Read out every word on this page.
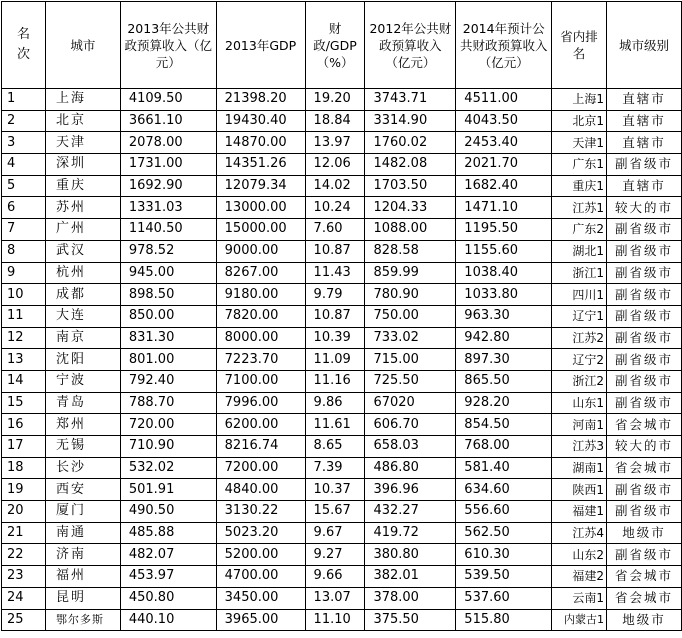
名次	城市	2013年公共财政预算收入（亿元）	2013年GDP	财政/GDP（%）	2012年公共财政预算收入（亿元）	2014年预计公共财政预算收入（亿元）	省内排名	城市级别
1	上海	4109.50	21398.20	19.20	3743.71	4511.00	上海1	直辖市
2	北京	3661.10	19430.40	18.84	3314.90	4043.50	北京1	直辖市
3	天津	2078.00	14870.00	13.97	1760.02	2453.40	天津1	直辖市
4	深圳	1731.00	14351.26	12.06	1482.08	2021.70	广东1	副省级市
5	重庆	1692.90	12079.34	14.02	1703.50	1682.40	重庆1	直辖市
6	苏州	1331.03	13000.00	10.24	1204.33	1471.10	江苏1	较大的市
7	广州	1140.50	15000.00	7.60	1088.00	1195.50	广东2	副省级市
8	武汉	978.52	9000.00	10.87	828.58	1155.60	湖北1	副省级市
9	杭州	945.00	8267.00	11.43	859.99	1038.40	浙江1	副省级市
10	成都	898.50	9180.00	9.79	780.90	1033.80	四川1	副省级市
11	大连	850.00	7820.00	10.87	750.00	963.30	辽宁1	副省级市
12	南京	831.30	8000.00	10.39	733.02	942.80	江苏2	副省级市
13	沈阳	801.00	7223.70	11.09	715.00	897.30	辽宁2	副省级市
14	宁波	792.40	7100.00	11.16	725.50	865.50	浙江2	副省级市
15	青岛	788.70	7996.00	9.86	67020	928.20	山东1	副省级市
16	郑州	720.00	6200.00	11.61	606.70	854.50	河南1	省会城市
17	无锡	710.90	8216.74	8.65	658.03	768.00	江苏3	较大的市
18	长沙	532.02	7200.00	7.39	486.80	581.40	湖南1	省会城市
19	西安	501.91	4840.00	10.37	396.96	634.60	陕西1	副省级市
20	厦门	490.50	3130.22	15.67	432.27	556.60	福建1	副省级市
21	南通	485.88	5023.20	9.67	419.72	562.50	江苏4	地级市
22	济南	482.07	5200.00	9.27	380.80	610.30	山东2	副省级市
23	福州	453.97	4700.00	9.66	382.01	539.50	福建2	省会城市
24	昆明	450.80	3450.00	13.07	378.00	537.60	云南1	省会城市
25	鄂尔多斯	440.10	3965.00	11.10	375.50	515.80	内蒙古1	地级市
